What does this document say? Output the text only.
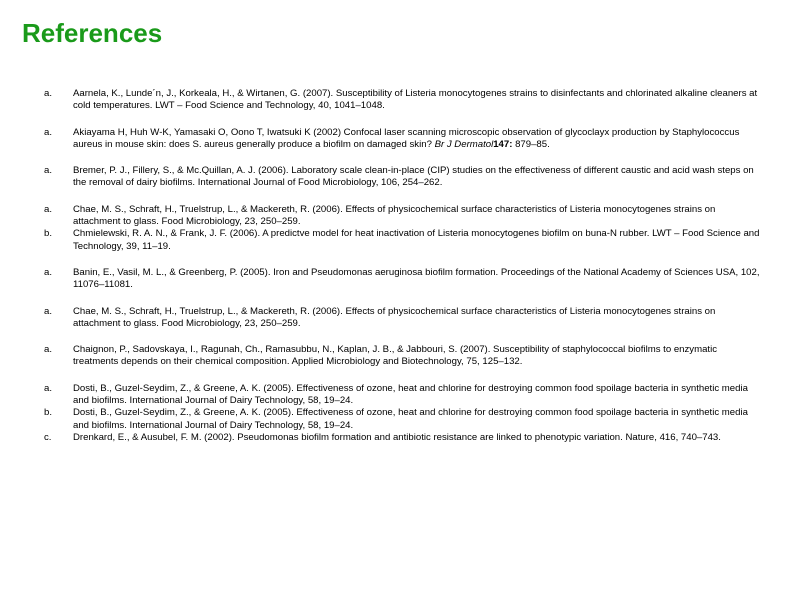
References
a.	Aarnela, K., Lunde´n, J., Korkeala, H., & Wirtanen, G. (2007). Susceptibility of Listeria monocytogenes strains to disinfectants and chlorinated alkaline cleaners at cold temperatures. LWT – Food Science and Technology, 40, 1041–1048.
a.	Akiayama H, Huh W-K, Yamasaki O, Oono T, Iwatsuki K (2002) Confocal laser scanning microscopic observation of glycoclayx production by Staphylococcus aureus in mouse skin: does S. aureus generally produce a biofilm on damaged skin? Br J Dermatol147: 879–85.
a.	Bremer, P. J., Fillery, S., & Mc.Quillan, A. J. (2006). Laboratory scale clean-in-place (CIP) studies on the effectiveness of different caustic and acid wash steps on the removal of dairy biofilms. International Journal of Food Microbiology, 106, 254–262.
a.	Chae, M. S., Schraft, H., Truelstrup, L., & Mackereth, R. (2006). Effects of physicochemical surface characteristics of Listeria monocytogenes strains on attachment to glass. Food Microbiology, 23, 250–259.
b.	Chmielewski, R. A. N., & Frank, J. F. (2006). A predictve model for heat inactivation of Listeria monocytogenes biofilm on buna-N rubber. LWT – Food Science and Technology, 39, 11–19.
a.	Banin, E., Vasil, M. L., & Greenberg, P. (2005). Iron and Pseudomonas aeruginosa biofilm formation. Proceedings of the National Academy of Sciences USA, 102, 11076–11081.
a.	Chae, M. S., Schraft, H., Truelstrup, L., & Mackereth, R. (2006). Effects of physicochemical surface characteristics of Listeria monocytogenes strains on attachment to glass. Food Microbiology, 23, 250–259.
a.	Chaignon, P., Sadovskaya, I., Ragunah, Ch., Ramasubbu, N., Kaplan, J. B., & Jabbouri, S. (2007). Susceptibility of staphylococcal biofilms to enzymatic treatments depends on their chemical composition. Applied Microbiology and Biotechnology, 75, 125–132.
a.	Dosti, B., Guzel-Seydim, Z., & Greene, A. K. (2005). Effectiveness of ozone, heat and chlorine for destroying common food spoilage bacteria in synthetic media and biofilms. International Journal of Dairy Technology, 58, 19–24.
b.	Dosti, B., Guzel-Seydim, Z., & Greene, A. K. (2005). Effectiveness of ozone, heat and chlorine for destroying common food spoilage bacteria in synthetic media and biofilms. International Journal of Dairy Technology, 58, 19–24.
c.	Drenkard, E., & Ausubel, F. M. (2002). Pseudomonas biofilm formation and antibiotic resistance are linked to phenotypic variation. Nature, 416, 740–743.
